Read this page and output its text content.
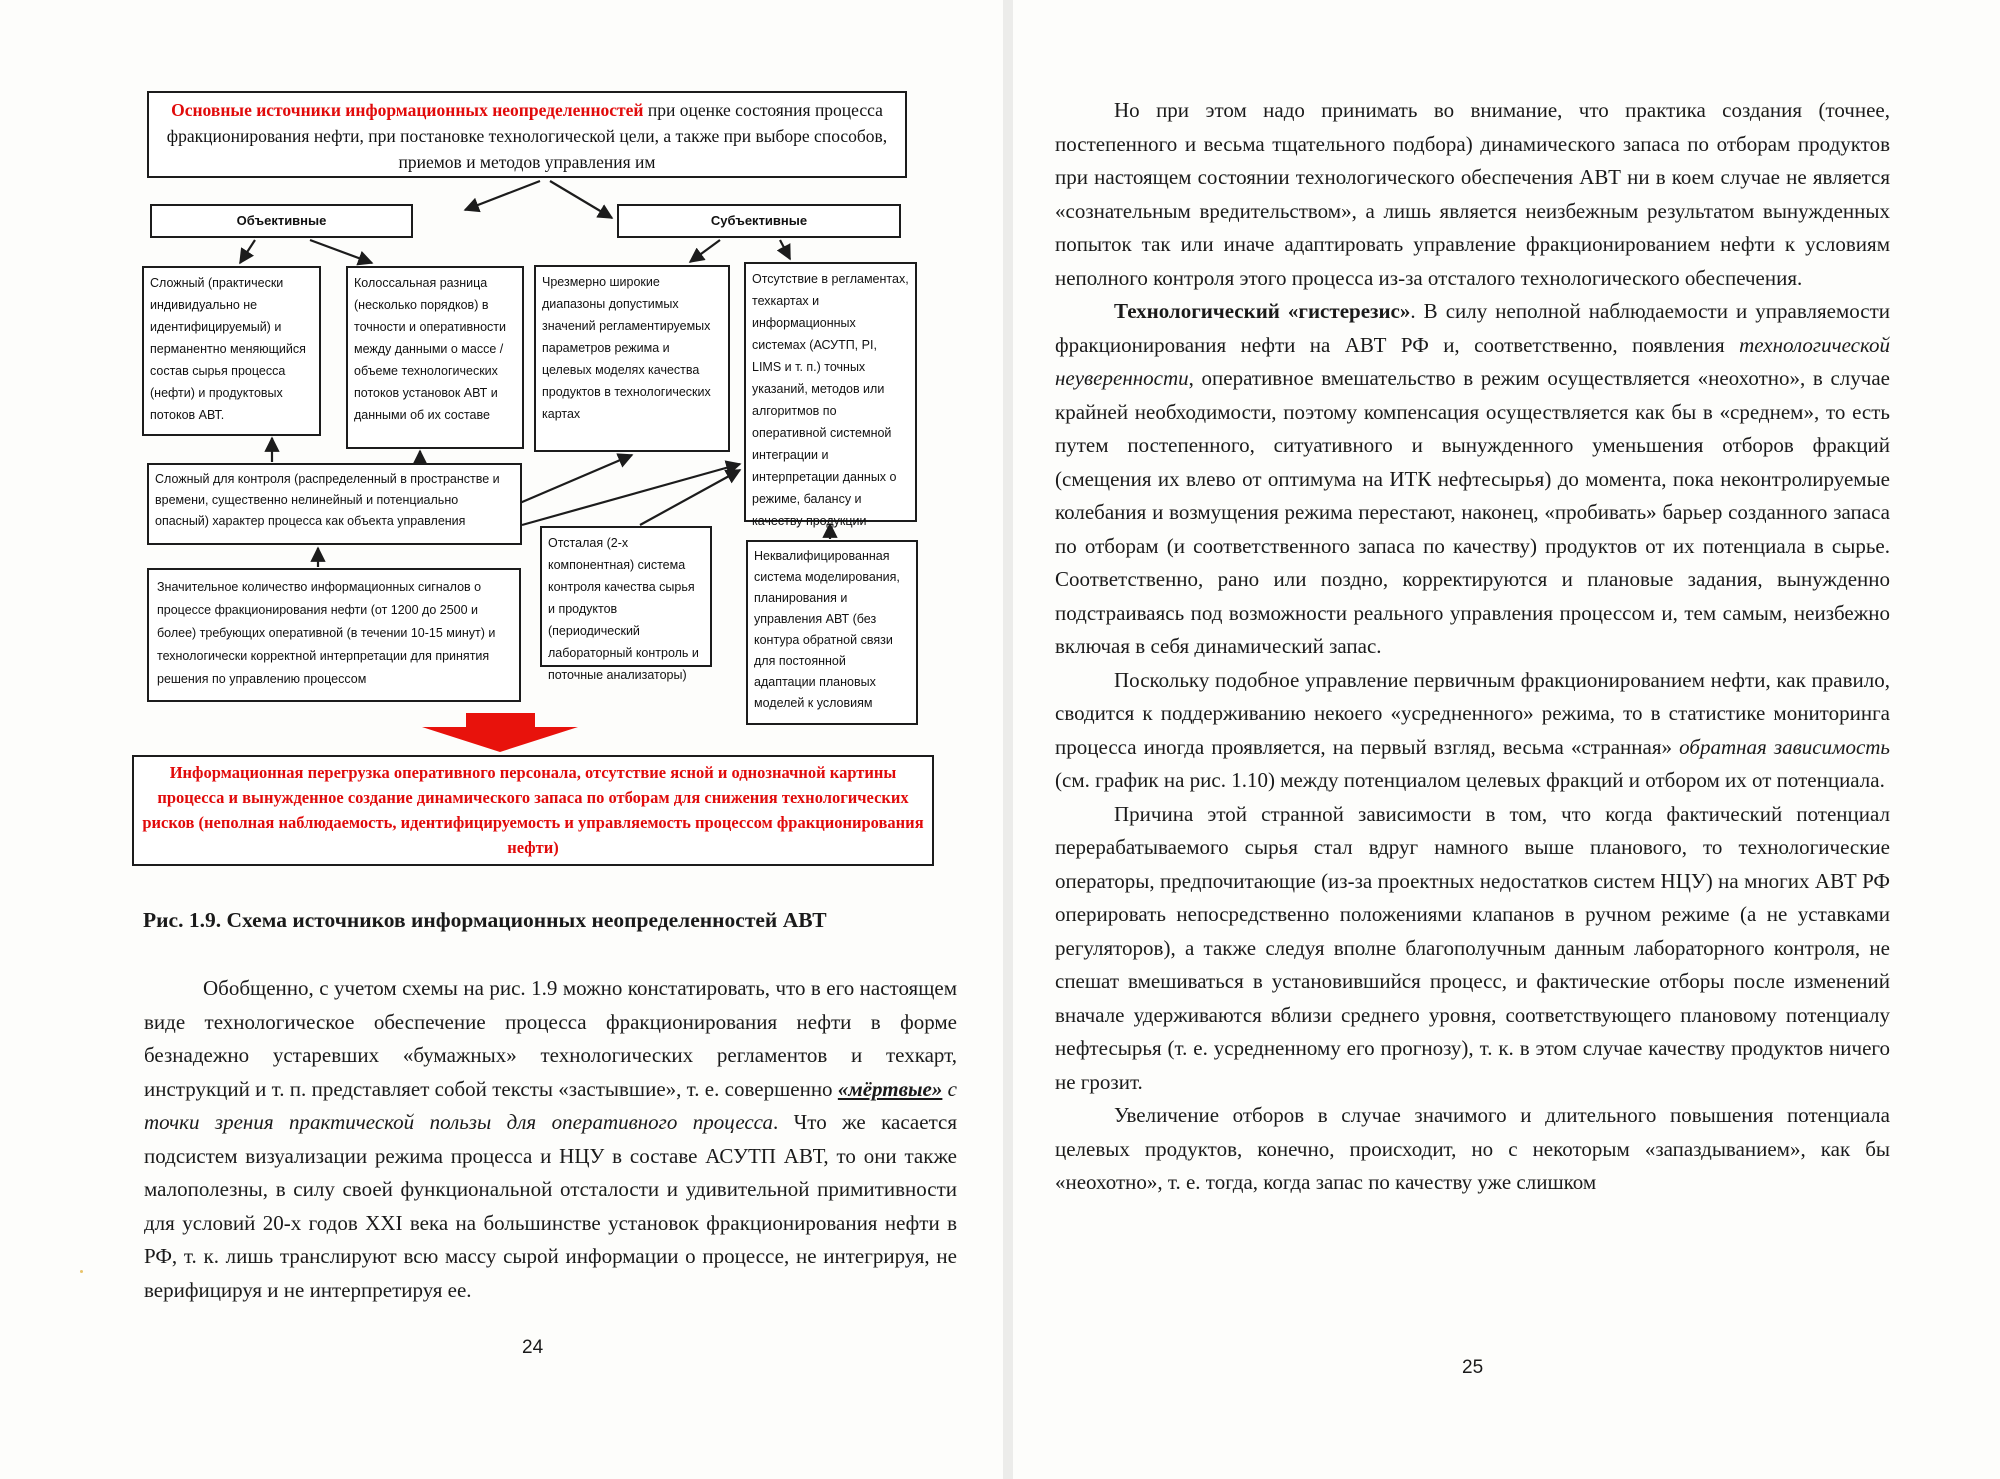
Основные источники информационных неопределенностей при оценке состояния процесса фракционирования нефти, при постановке технологической цели, а также при выборе способов, приемов и методов управления им
Объективные	Субъективные
Сложный (практически индивидуально не идентифицируемый) и перманентно меняющийся состав сырья процесса (нефти) и продуктовых потоков АВТ.
Колоссальная разница (несколько порядков) в точности и оперативности между данными о массе /объеме технологических потоков установок АВТ и данными об их составе
Чрезмерно широкие диапазоны допустимых значений регламентируемых параметров режима и целевых моделях качества продуктов в технологических картах
Отсутствие в регламентах, техкартах и информационных системах (АСУТП, PI, LIMS и т. п.) точных указаний, методов или алгоритмов по оперативной системной интеграции и интерпретации данных о режиме, балансу и качеству продукции
Сложный для контроля (распределенный в пространстве и времени, существенно нелинейный и потенциально опасный) характер процесса как объекта управления
Значительное количество информационных сигналов о процессе фракционирования нефти (от 1200 до 2500 и более) требующих оперативной (в течении 10-15 минут) и технологически корректной интерпретации для принятия решения по управлению процессом
Отсталая (2-х компонентная) система контроля качества сырья и продуктов (периодический лабораторный контроль и поточные анализаторы)
Неквалифицированная система моделирования, планирования и управления АВТ (без контура обратной связи для постоянной адаптации плановых моделей к условиям
Информационная перегрузка оперативного персонала, отсутствие ясной и однозначной картины процесса и вынужденное создание динамического запаса по отборам для снижения технологических рисков (неполная наблюдаемость, идентифицируемость и управляемость процессом фракционирования нефти)
Рис. 1.9. Схема источников информационных неопределенностей АВТ

Обобщенно, с учетом схемы на рис. 1.9 можно констатировать, что в его настоящем виде технологическое обеспечение процесса фракционирования нефти в форме безнадежно устаревших «бумажных» технологических регламентов и техкарт, инструкций и т. п. представляет собой тексты «застывшие», т. е. совершенно «мёртвые» с точки зрения практической пользы для оперативного процесса. Что же касается подсистем визуализации режима процесса и НЦУ в составе АСУТП АВТ, то они также малополезны, в силу своей функциональной отсталости и удивительной примитивности для условий 20-х годов XXI века на большинстве установок фракционирования нефти в РФ, т. к. лишь транслируют всю массу сырой информации о процессе, не интегрируя, не верифицируя и не интерпретируя ее.

24

Но при этом надо принимать во внимание, что практика создания (точнее, постепенного и весьма тщательного подбора) динамического запаса по отборам продуктов при настоящем состоянии технологического обеспечения АВТ ни в коем случае не является «сознательным вредительством», а лишь является неизбежным результатом вынужденных попыток так или иначе адаптировать управление фракционированием нефти к условиям неполного контроля этого процесса из-за отсталого технологического обеспечения.

Технологический «гистерезис». В силу неполной наблюдаемости и управляемости фракционирования нефти на АВТ РФ и, соответственно, появления технологической неуверенности, оперативное вмешательство в режим осуществляется «неохотно», в случае крайней необходимости, поэтому компенсация осуществляется как бы в «среднем», то есть путем постепенного, ситуативного и вынужденного уменьшения отборов фракций (смещения их влево от оптимума на ИТК нефтесырья) до момента, пока неконтролируемые колебания и возмущения режима перестают, наконец, «пробивать» барьер созданного запаса по отборам (и соответственного запаса по качеству) продуктов от их потенциала в сырье. Соответственно, рано или поздно, корректируются и плановые задания, вынужденно подстраиваясь под возможности реального управления процессом и, тем самым, неизбежно включая в себя динамический запас.

Поскольку подобное управление первичным фракционированием нефти, как правило, сводится к поддерживанию некоего «усредненного» режима, то в статистике мониторинга процесса иногда проявляется, на первый взгляд, весьма «странная» обратная зависимость (см. график на рис. 1.10) между потенциалом целевых фракций и отбором их от потенциала.

Причина этой странной зависимости в том, что когда фактический потенциал перерабатываемого сырья стал вдруг намного выше планового, то технологические операторы, предпочитающие (из-за проектных недостатков систем НЦУ) на многих АВТ РФ оперировать непосредственно положениями клапанов в ручном режиме (а не уставками регуляторов), а также следуя вполне благополучным данным лабораторного контроля, не спешат вмешиваться в установившийся процесс, и фактические отборы после изменений вначале удерживаются вблизи среднего уровня, соответствующего плановому потенциалу нефтесырья (т. е. усредненному его прогнозу), т. к. в этом случае качеству продуктов ничего не грозит.

Увеличение отборов в случае значимого и длительного повышения потенциала целевых продуктов, конечно, происходит, но с некоторым «запаздыванием», как бы «неохотно», т. е. тогда, когда запас по качеству уже слишком

25
